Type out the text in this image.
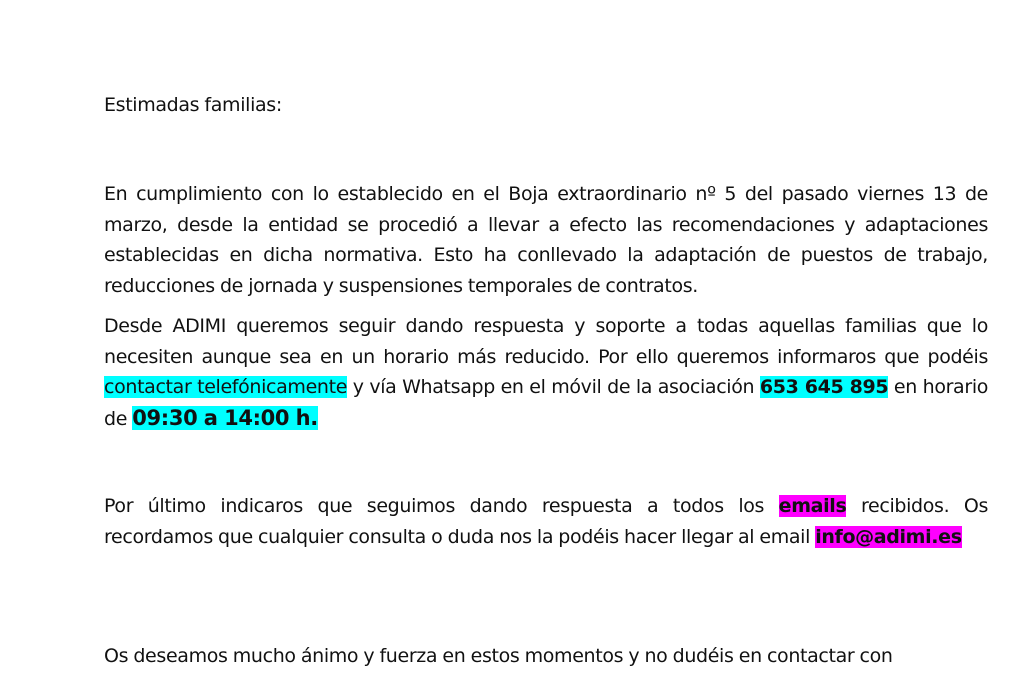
Estimadas familias:

En cumplimiento con lo establecido en el Boja extraordinario nº 5 del pasado viernes 13 de marzo, desde la entidad se procedió a llevar a efecto las recomendaciones y adaptaciones establecidas en dicha normativa. Esto ha conllevado la adaptación de puestos de trabajo, reducciones de jornada y suspensiones temporales de contratos.

Desde ADIMI queremos seguir dando respuesta y soporte a todas aquellas familias que lo necesiten aunque sea en un horario más reducido. Por ello queremos informaros que podéis contactar telefónicamente y vía Whatsapp en el móvil de la asociación 653 645 895 en horario de 09:30 a 14:00 h.

Por último indicaros que seguimos dando respuesta a todos los emails recibidos. Os recordamos que cualquier consulta o duda nos la podéis hacer llegar al email info@adimi.es

Os deseamos mucho ánimo y fuerza en estos momentos y no dudéis en contactar con
